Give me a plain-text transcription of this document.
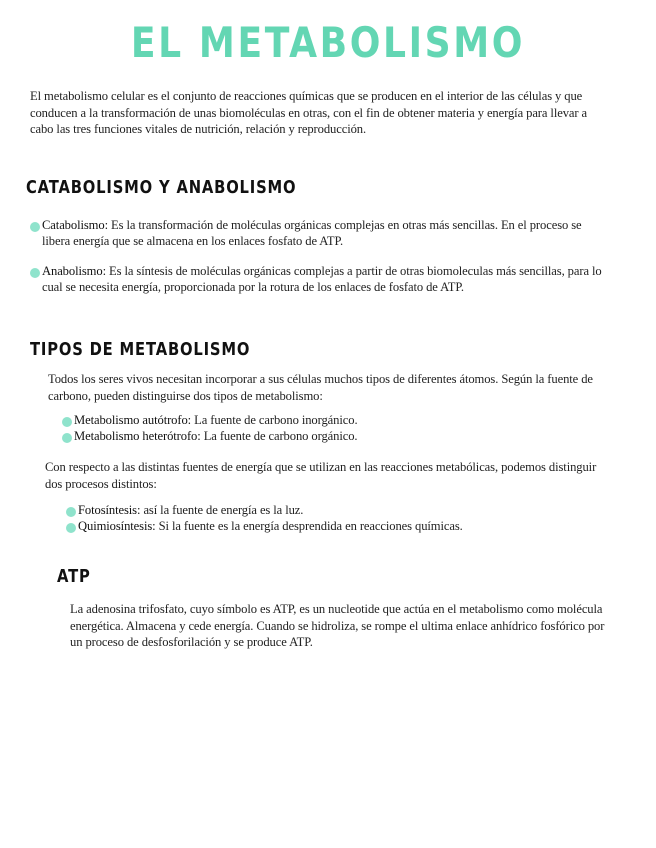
EL METABOLISMO
El metabolismo celular es el conjunto de reacciones químicas que se producen en el interior de las células y que conducen a la transformación de unas biomoléculas en otras, con el fin de obtener materia y energía para llevar a cabo las tres funciones vitales de nutrición, relación y reproducción.
CATABOLISMO Y ANABOLISMO
Catabolismo: Es la transformación de moléculas orgánicas complejas en otras más sencillas. En el proceso se libera energía que se almacena en los enlaces fosfato de ATP.
Anabolismo: Es la síntesis de moléculas orgánicas complejas a partir de otras biomoleculas más sencillas, para lo cual se necesita energía, proporcionada por la rotura de los enlaces de fosfato de ATP.
TIPOS DE METABOLISMO
Todos los seres vivos necesitan incorporar a sus células muchos tipos de diferentes átomos. Según la fuente de carbono, pueden distinguirse dos tipos de metabolismo:
Metabolismo autótrofo: La fuente de carbono inorgánico.
Metabolismo heterótrofo: La fuente de carbono orgánico.
Con respecto a las distintas fuentes de energía que se utilizan en las reacciones metabólicas, podemos distinguir dos procesos distintos:
Fotosíntesis: así la fuente de energía es la luz.
Quimiosíntesis: Si la fuente es la energía desprendida en reacciones químicas.
ATP
La adenosina trifosfato, cuyo símbolo es ATP, es un nucleotide que actúa en el metabolismo como molécula energética. Almacena y cede energía. Cuando se hidroliza, se rompe el ultima enlace anhídrico fosfórico por un proceso de desfosforilación y se produce ATP.
